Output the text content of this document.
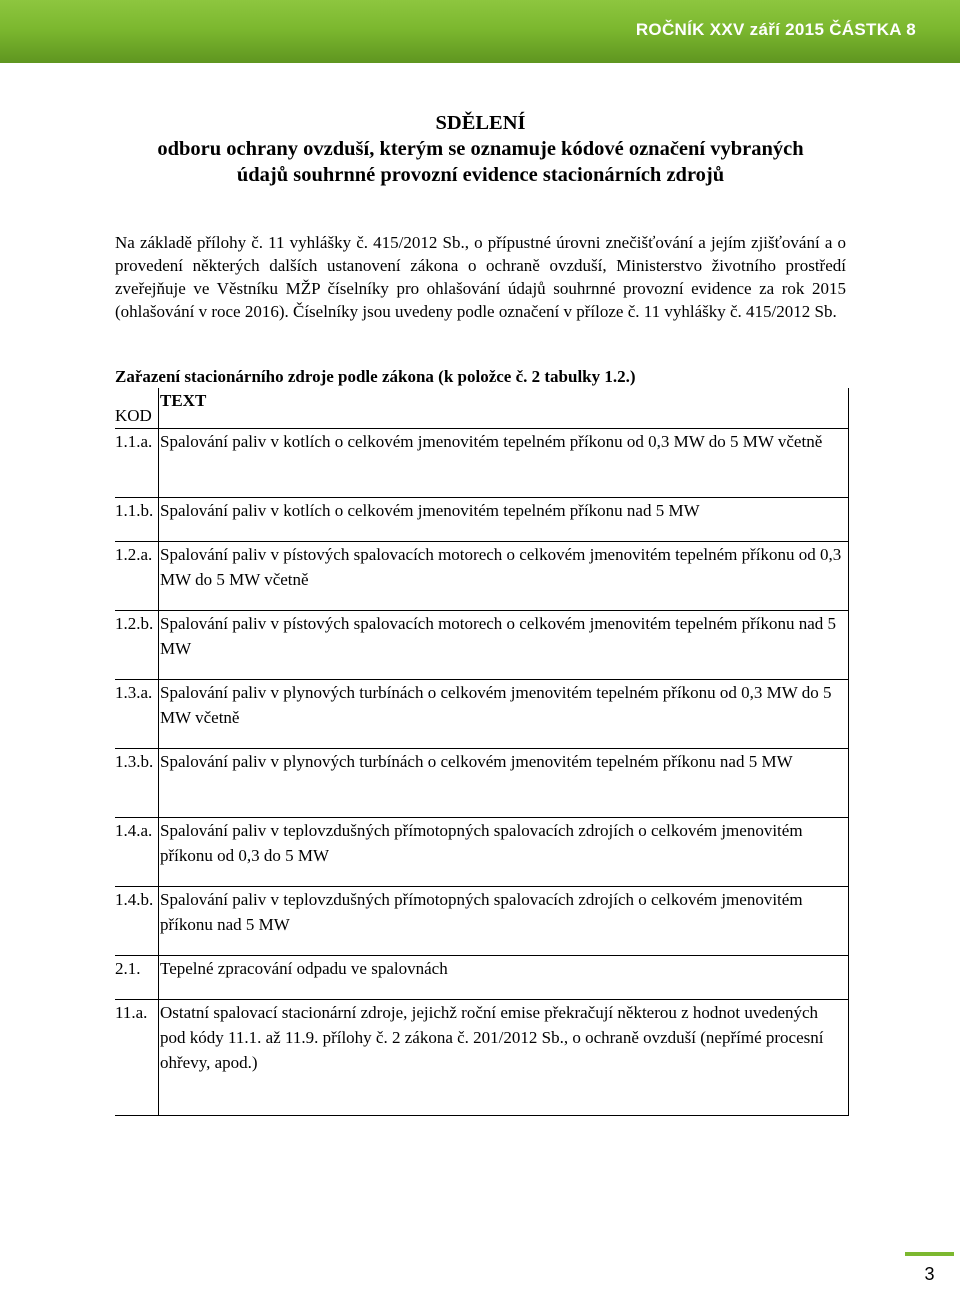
ROČNÍK XXV září 2015 ČÁSTKA 8
SDĚLENÍ
odboru ochrany ovzduší, kterým se oznamuje kódové označení vybraných
údajů souhrnné provozní evidence stacionárních zdrojů
Na základě přílohy č. 11 vyhlášky č. 415/2012 Sb., o přípustné úrovni znečišťování a jejím zjišťování a o provedení některých dalších ustanovení zákona o ochraně ovzduší, Ministerstvo životního prostředí zveřejňuje ve Věstníku MŽP číselníky pro ohlašování údajů souhrnné provozní evidence za rok 2015 (ohlašování v roce 2016). Číselníky jsou uvedeny podle označení v příloze č. 11 vyhlášky č. 415/2012 Sb.
Zařazení stacionárního zdroje podle zákona (k položce č. 2 tabulky 1.2.)
KOD	TEXT
1.1.a.	Spalování paliv v kotlích o celkovém jmenovitém tepelném příkonu od 0,3 MW do 5 MW včetně
1.1.b.	Spalování paliv v kotlích o celkovém jmenovitém tepelném příkonu nad 5 MW
1.2.a.	Spalování paliv v pístových spalovacích motorech o celkovém jmenovitém tepelném příkonu od 0,3 MW do 5 MW včetně
1.2.b.	Spalování paliv v pístových spalovacích motorech o celkovém jmenovitém tepelném příkonu nad 5 MW
1.3.a.	Spalování paliv v plynových turbínách o celkovém jmenovitém tepelném příkonu od 0,3 MW do 5 MW včetně
1.3.b.	Spalování paliv v plynových turbínách o celkovém jmenovitém tepelném příkonu nad 5 MW
1.4.a.	Spalování paliv v teplovzdušných přímotopných spalovacích zdrojích o celkovém jmenovitém příkonu od 0,3 do 5 MW
1.4.b.	Spalování paliv v teplovzdušných přímotopných spalovacích zdrojích o celkovém jmenovitém příkonu nad 5 MW
2.1.	Tepelné zpracování odpadu ve spalovnách
11.a.	Ostatní spalovací stacionární zdroje, jejichž roční emise překračují některou z hodnot uvedených pod kódy 11.1. až 11.9. přílohy č. 2 zákona č. 201/2012 Sb., o ochraně ovzduší (nepřímé procesní ohřevy, apod.)
3
